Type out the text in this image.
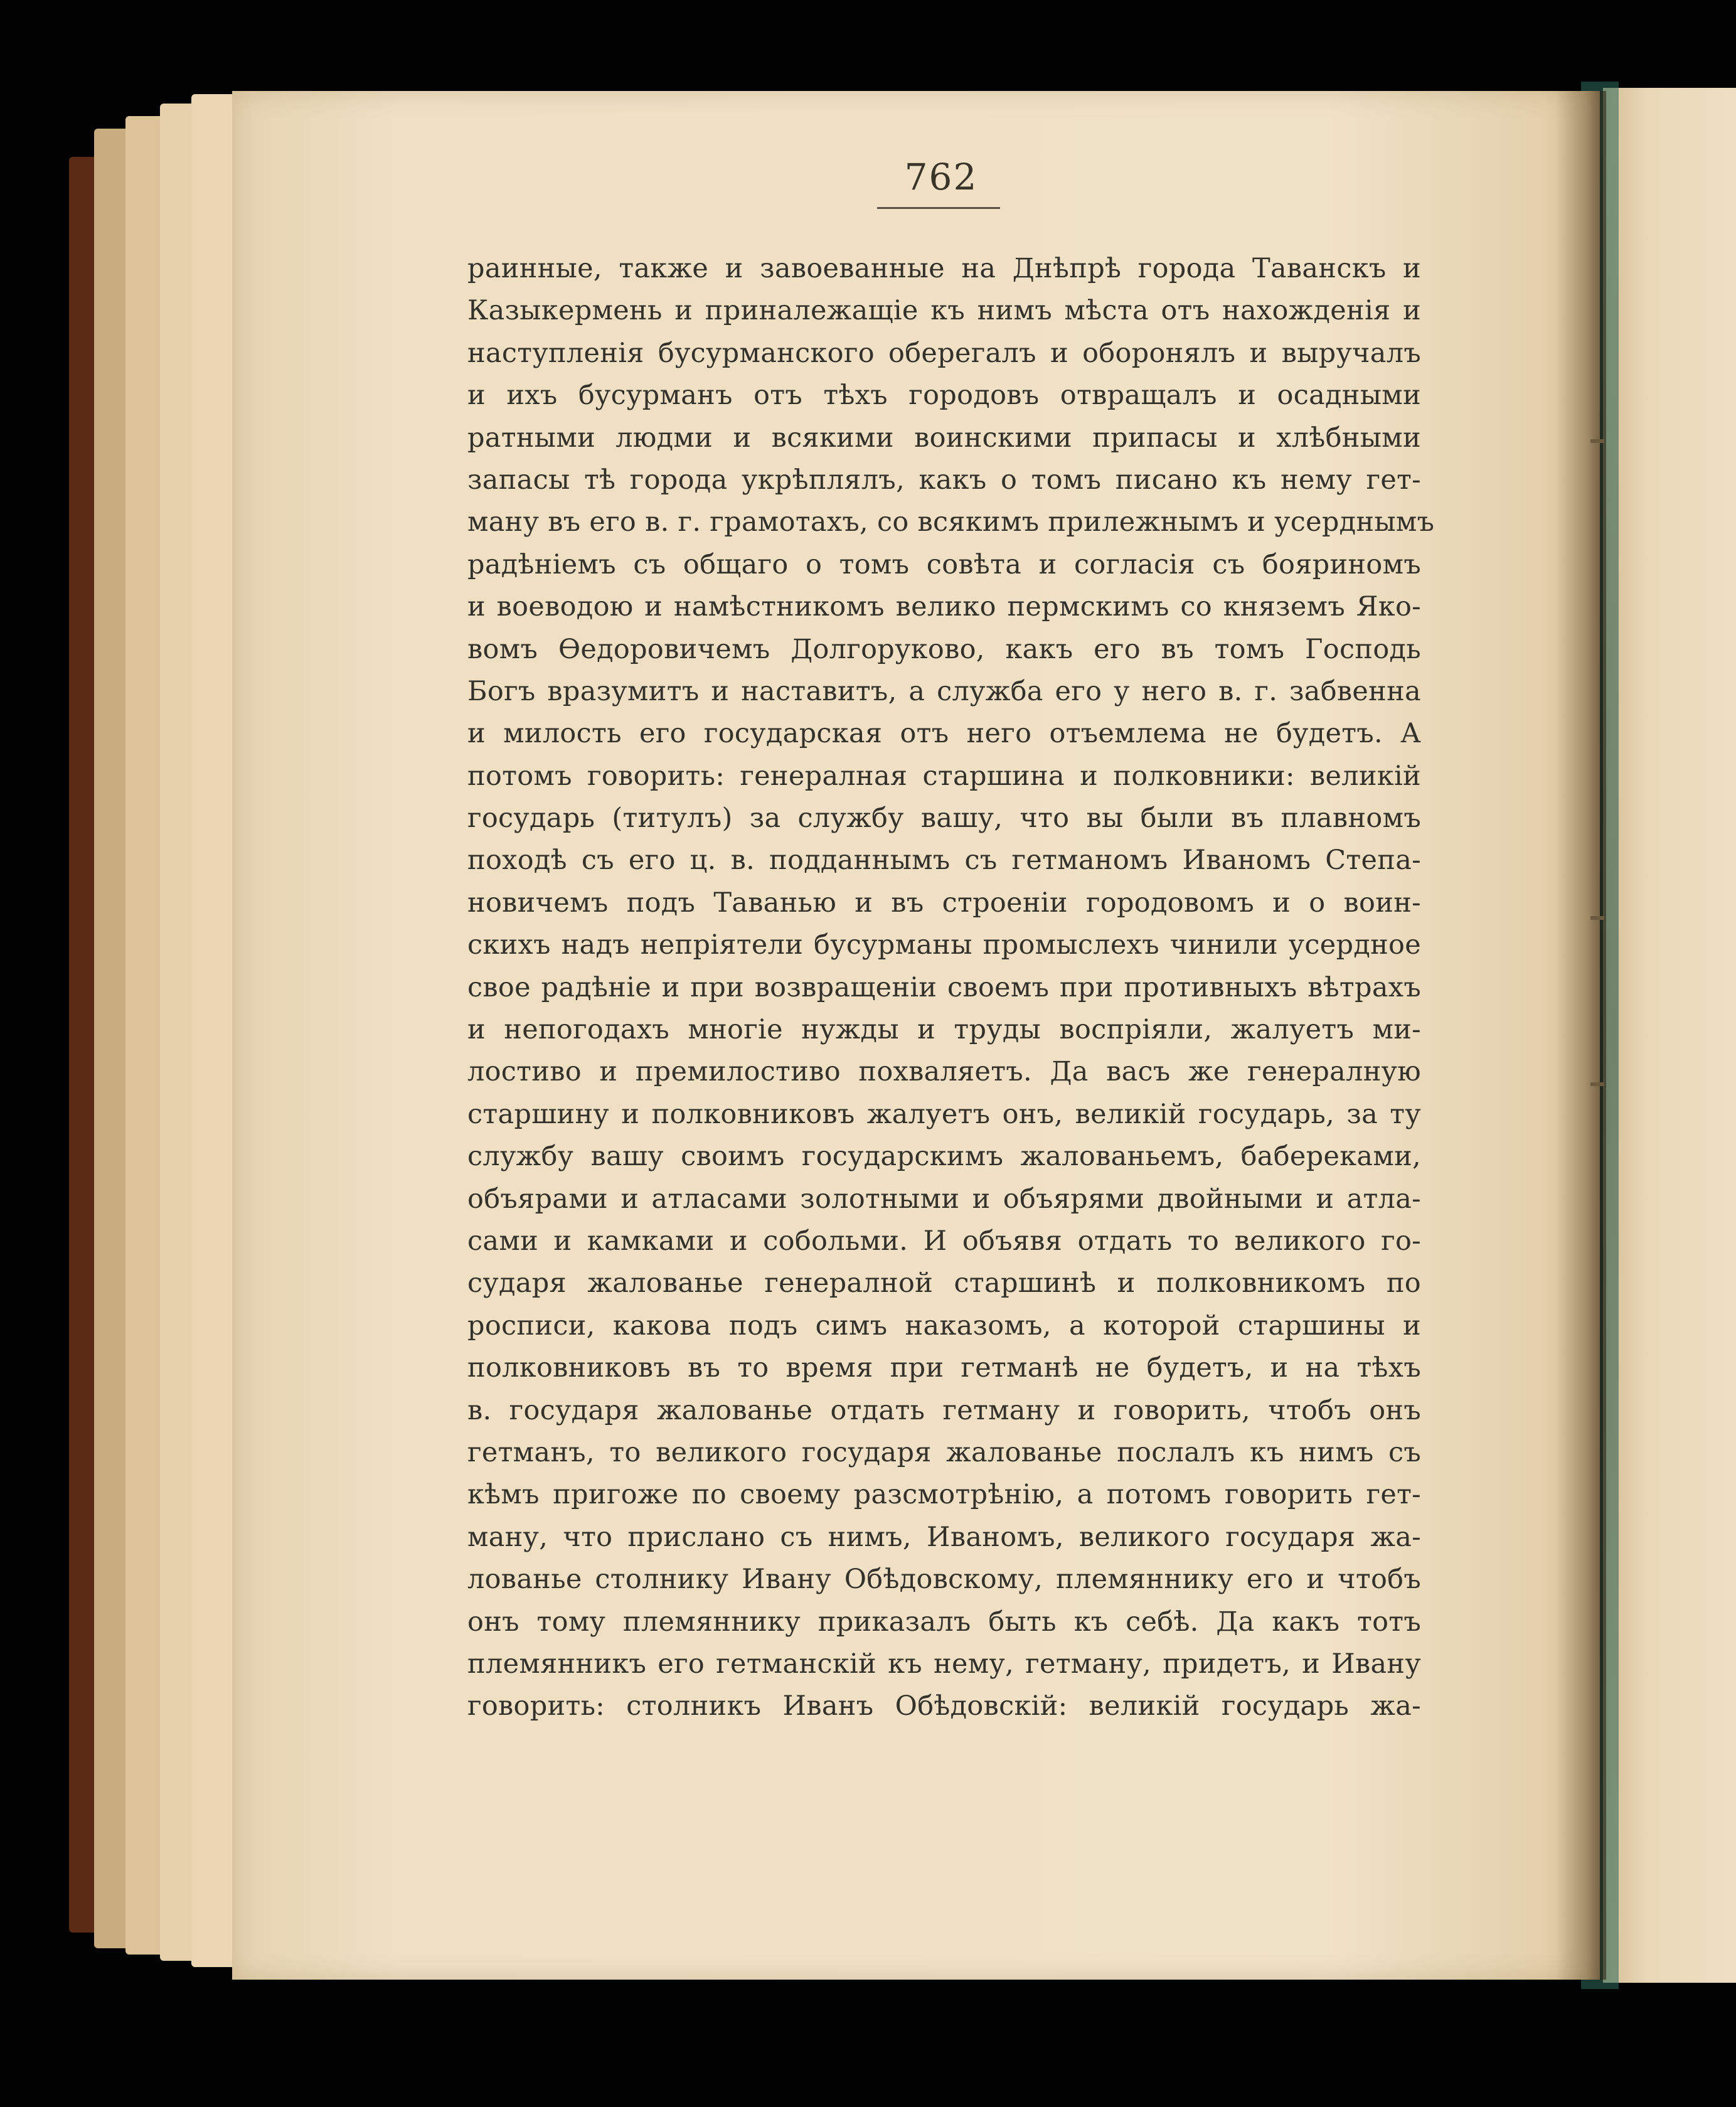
762
раинные, также и завоеванные на Днѣпрѣ города Таванскъ и
Казыкермень и приналежащіе къ нимъ мѣста отъ нахожденія и
наступленія бусурманского оберегалъ и оборонялъ и выручалъ
и ихъ бусурманъ отъ тѣхъ городовъ отвращалъ и осадными
ратными людми и всякими воинскими припасы и хлѣбными
запасы тѣ города укрѣплялъ, какъ о томъ писано къ нему гет-
ману въ его в. г. грамотахъ, со всякимъ прилежнымъ и усерднымъ
радѣніемъ съ общаго о томъ совѣта и согласія съ бояриномъ
и воеводою и намѣстникомъ велико пермскимъ со княземъ Яко-
вомъ Ѳедоровичемъ Долгоруково, какъ его въ томъ Господь
Богъ вразумитъ и наставитъ, а служба его у него в. г. забвенна
и милость его государская отъ него отъемлема не будетъ. А
потомъ говорить: генералная старшина и полковники: великій
государь (титулъ) за службу вашу, что вы были въ плавномъ
походѣ съ его ц. в. подданнымъ съ гетманомъ Иваномъ Степа-
новичемъ подъ Таванью и въ строеніи городовомъ и о воин-
скихъ надъ непріятели бусурманы промыслехъ чинили усердное
свое радѣніе и при возвращеніи своемъ при противныхъ вѣтрахъ
и непогодахъ многіе нужды и труды воспріяли, жалуетъ ми-
лостиво и премилостиво похваляетъ. Да васъ же генералную
старшину и полковниковъ жалуетъ онъ, великій государь, за ту
службу вашу своимъ государскимъ жалованьемъ, бабереками,
объярами и атласами золотными и объярями двойными и атла-
сами и камками и собольми. И объявя отдать то великого го-
сударя жалованье генералной старшинѣ и полковникомъ по
росписи, какова подъ симъ наказомъ, а которой старшины и
полковниковъ въ то время при гетманѣ не будетъ, и на тѣхъ
в. государя жалованье отдать гетману и говорить, чтобъ онъ
гетманъ, то великого государя жалованье послалъ къ нимъ съ
кѣмъ пригоже по своему разсмотрѣнію, а потомъ говорить гет-
ману, что прислано съ нимъ, Иваномъ, великого государя жа-
лованье столнику Ивану Обѣдовскому, племяннику его и чтобъ
онъ тому племяннику приказалъ быть къ себѣ. Да какъ тотъ
племянникъ его гетманскій къ нему, гетману, придетъ, и Ивану
говорить: столникъ Иванъ Обѣдовскій: великій государь жа-
